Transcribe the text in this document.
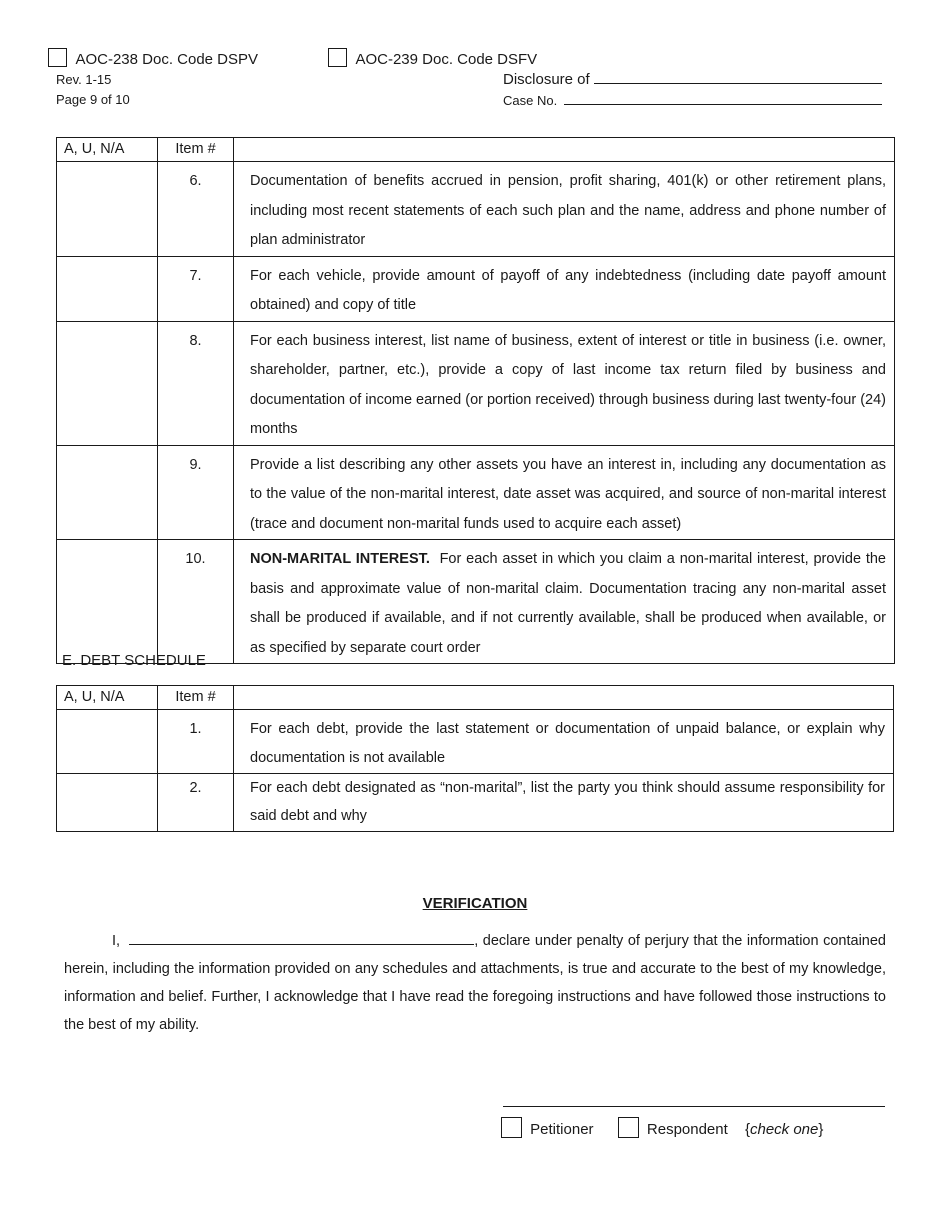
AOC-238 Doc. Code DSPV	AOC-239 Doc. Code DSFV
Rev. 1-15
Page 9 of 10
Disclosure of
Case No.
A, U, N/A	Item #	
	6.	Documentation of benefits accrued in pension, profit sharing, 401(k) or other retirement plans, including most recent statements of each such plan and the name, address and phone number of plan administrator
	7.	For each vehicle, provide amount of payoff of any indebtedness (including date payoff amount obtained) and copy of title
	8.	For each business interest, list name of business, extent of interest or title in business (i.e. owner, shareholder, partner, etc.), provide a copy of last income tax return filed by business and documentation of income earned (or portion received) through business during last twenty-four (24) months
	9.	Provide a list describing any other assets you have an interest in, including any documentation as to the value of the non-marital interest, date asset was acquired, and source of non-marital interest (trace and document non-marital funds used to acquire each asset)
	10.	NON-MARITAL INTEREST. For each asset in which you claim a non-marital interest, provide the basis and approximate value of non-marital claim. Documentation tracing any non-marital asset shall be produced if available, and if not currently available, shall be produced when available, or as specified by separate court order
E. DEBT SCHEDULE
A, U, N/A	Item #	
	1.	For each debt, provide the last statement or documentation of unpaid balance, or explain why documentation is not available
	2.	For each debt designated as “non-marital”, list the party you think should assume responsibility for said debt and why
VERIFICATION
I,	, declare under penalty of perjury that the information contained herein, including the information provided on any schedules and attachments, is true and accurate to the best of my knowledge, information and belief. Further, I acknowledge that I have read the foregoing instructions and have followed those instructions to the best of my ability.
Petitioner	Respondent {check one}
